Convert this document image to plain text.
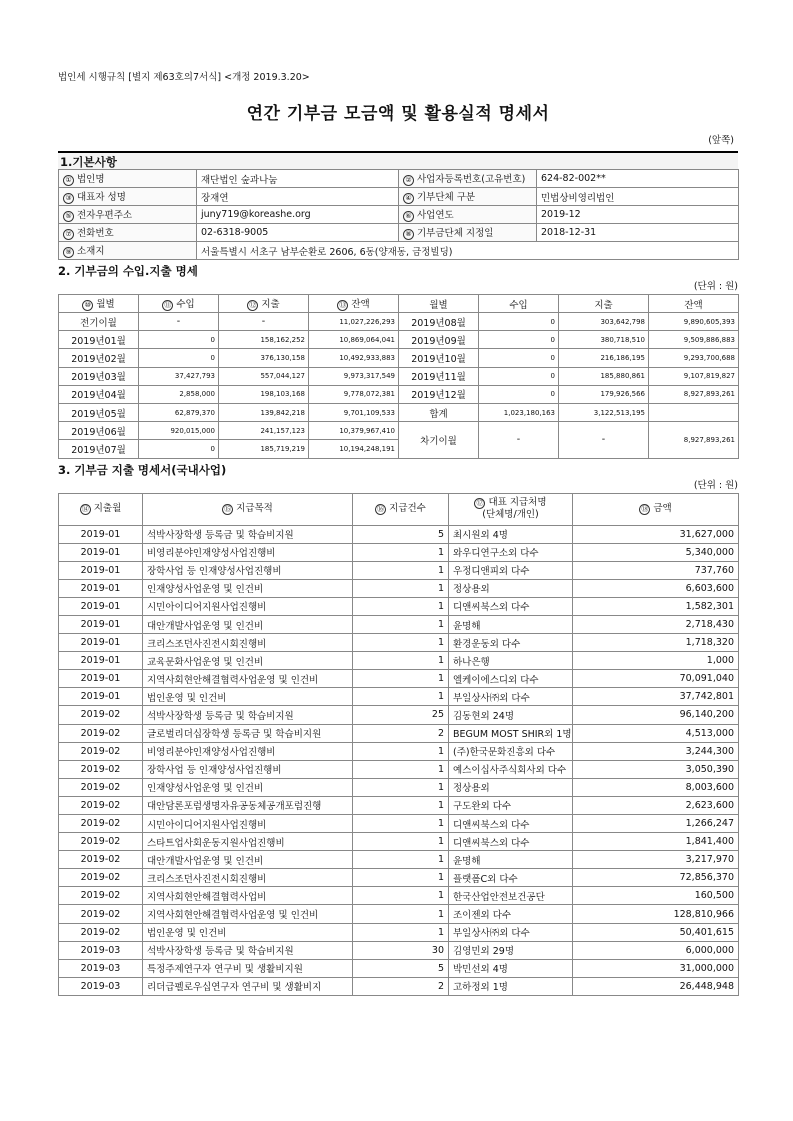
법인세 시행규칙 [별지 제63호의7서식] <개정 2019.3.20>
연간 기부금 모금액 및 활용실적 명세서
(앞쪽)
1.기본사항
① 법인명	재단법인 숲과나눔	② 사업자등록번호(고유번호)	624-82-002**
③ 대표자 성명	장재연	④ 기부단체 구분	민법상비영리법인
⑤ 전자우편주소	juny719@koreashe.org	⑥ 사업연도	2019-12
⑦ 전화번호	02-6318-9005	⑧ 기부금단체 지정일	2018-12-31
⑨ 소재지	서울특별시 서초구 남부순환로 2606, 6동(양재동, 금정빌딩)		
2. 기부금의 수입.지출 명세
(단위 : 원)
⑩ 월별	⑪ 수입	⑫ 지출	⑬ 잔액	월별	수입	지출	잔액
전기이월	-	-	11,027,226,293	2019년08월	0	303,642,798	9,890,605,393
2019년01월	0	158,162,252	10,869,064,041	2019년09월	0	380,718,510	9,509,886,883
2019년02월	0	376,130,158	10,492,933,883	2019년10월	0	216,186,195	9,293,700,688
2019년03월	37,427,793	557,044,127	9,973,317,549	2019년11월	0	185,880,861	9,107,819,827
2019년04월	2,858,000	198,103,168	9,778,072,381	2019년12월	0	179,926,566	8,927,893,261
2019년05월	62,879,370	139,842,218	9,701,109,533	합계	1,023,180,163	3,122,513,195	
2019년06월	920,015,000	241,157,123	10,379,967,410	차기이월	-	-	8,927,893,261
2019년07월	0	185,719,219	10,194,248,191				
3. 기부금 지출 명세서(국내사업)
(단위 : 원)
⑭ 지출월	⑮ 지급목적	⑯ 지급건수	⑰ 대표 지급처명
(단체명/개인)	⑱ 금액
2019-01	석박사장학생 등록금 및 학습비지원	5	최시원외 4명	31,627,000
2019-01	비영리분야인재양성사업진행비	1	와우디연구소외 다수	5,340,000
2019-01	장학사업 등 인재양성사업진행비	1	우정디앤피외 다수	737,760
2019-01	인재양성사업운영 및 인건비	1	정상용외	6,603,600
2019-01	시민아이디어지원사업진행비	1	디앤씨북스외 다수	1,582,301
2019-01	대안개발사업운영 및 인건비	1	윤명해	2,718,430
2019-01	크리스조던사진전시회진행비	1	환경운동외 다수	1,718,320
2019-01	교육문화사업운영 및 인건비	1	하나은행	1,000
2019-01	지역사회현안해결협력사업운영 및 인건비	1	엘케이에스디외 다수	70,091,040
2019-01	법인운영 및 인건비	1	부일상사㈜외 다수	37,742,801
2019-02	석박사장학생 등록금 및 학습비지원	25	김동현외 24명	96,140,200
2019-02	글로벌리더십장학생 등록금 및 학습비지원	2	BEGUM MOST SHIR외 1명	4,513,000
2019-02	비영리분야인재양성사업진행비	1	(주)한국문화진흥외 다수	3,244,300
2019-02	장학사업 등 인재양성사업진행비	1	예스이십사주식회사외 다수	3,050,390
2019-02	인재양성사업운영 및 인건비	1	정상용외	8,003,600
2019-02	대안담론포럼생명자유공동체공개포럼진행	1	구도완외 다수	2,623,600
2019-02	시민아이디어지원사업진행비	1	디앤씨북스외 다수	1,266,247
2019-02	스타트업사회운동지원사업진행비	1	디앤씨북스외 다수	1,841,400
2019-02	대안개발사업운영 및 인건비	1	윤명해	3,217,970
2019-02	크리스조던사진전시회진행비	1	플랫폼C외 다수	72,856,370
2019-02	지역사회현안해결협력사업비	1	한국산업안전보건공단	160,500
2019-02	지역사회현안해결협력사업운영 및 인건비	1	조이젠외 다수	128,810,966
2019-02	법인운영 및 인건비	1	부일상사㈜외 다수	50,401,615
2019-03	석박사장학생 등록금 및 학습비지원	30	김영민외 29명	6,000,000
2019-03	특정주제연구자 연구비 및 생활비지원	5	박민선외 4명	31,000,000
2019-03	리더급펠로우십연구자 연구비 및 생활비지	2	고하정외 1명	26,448,948
